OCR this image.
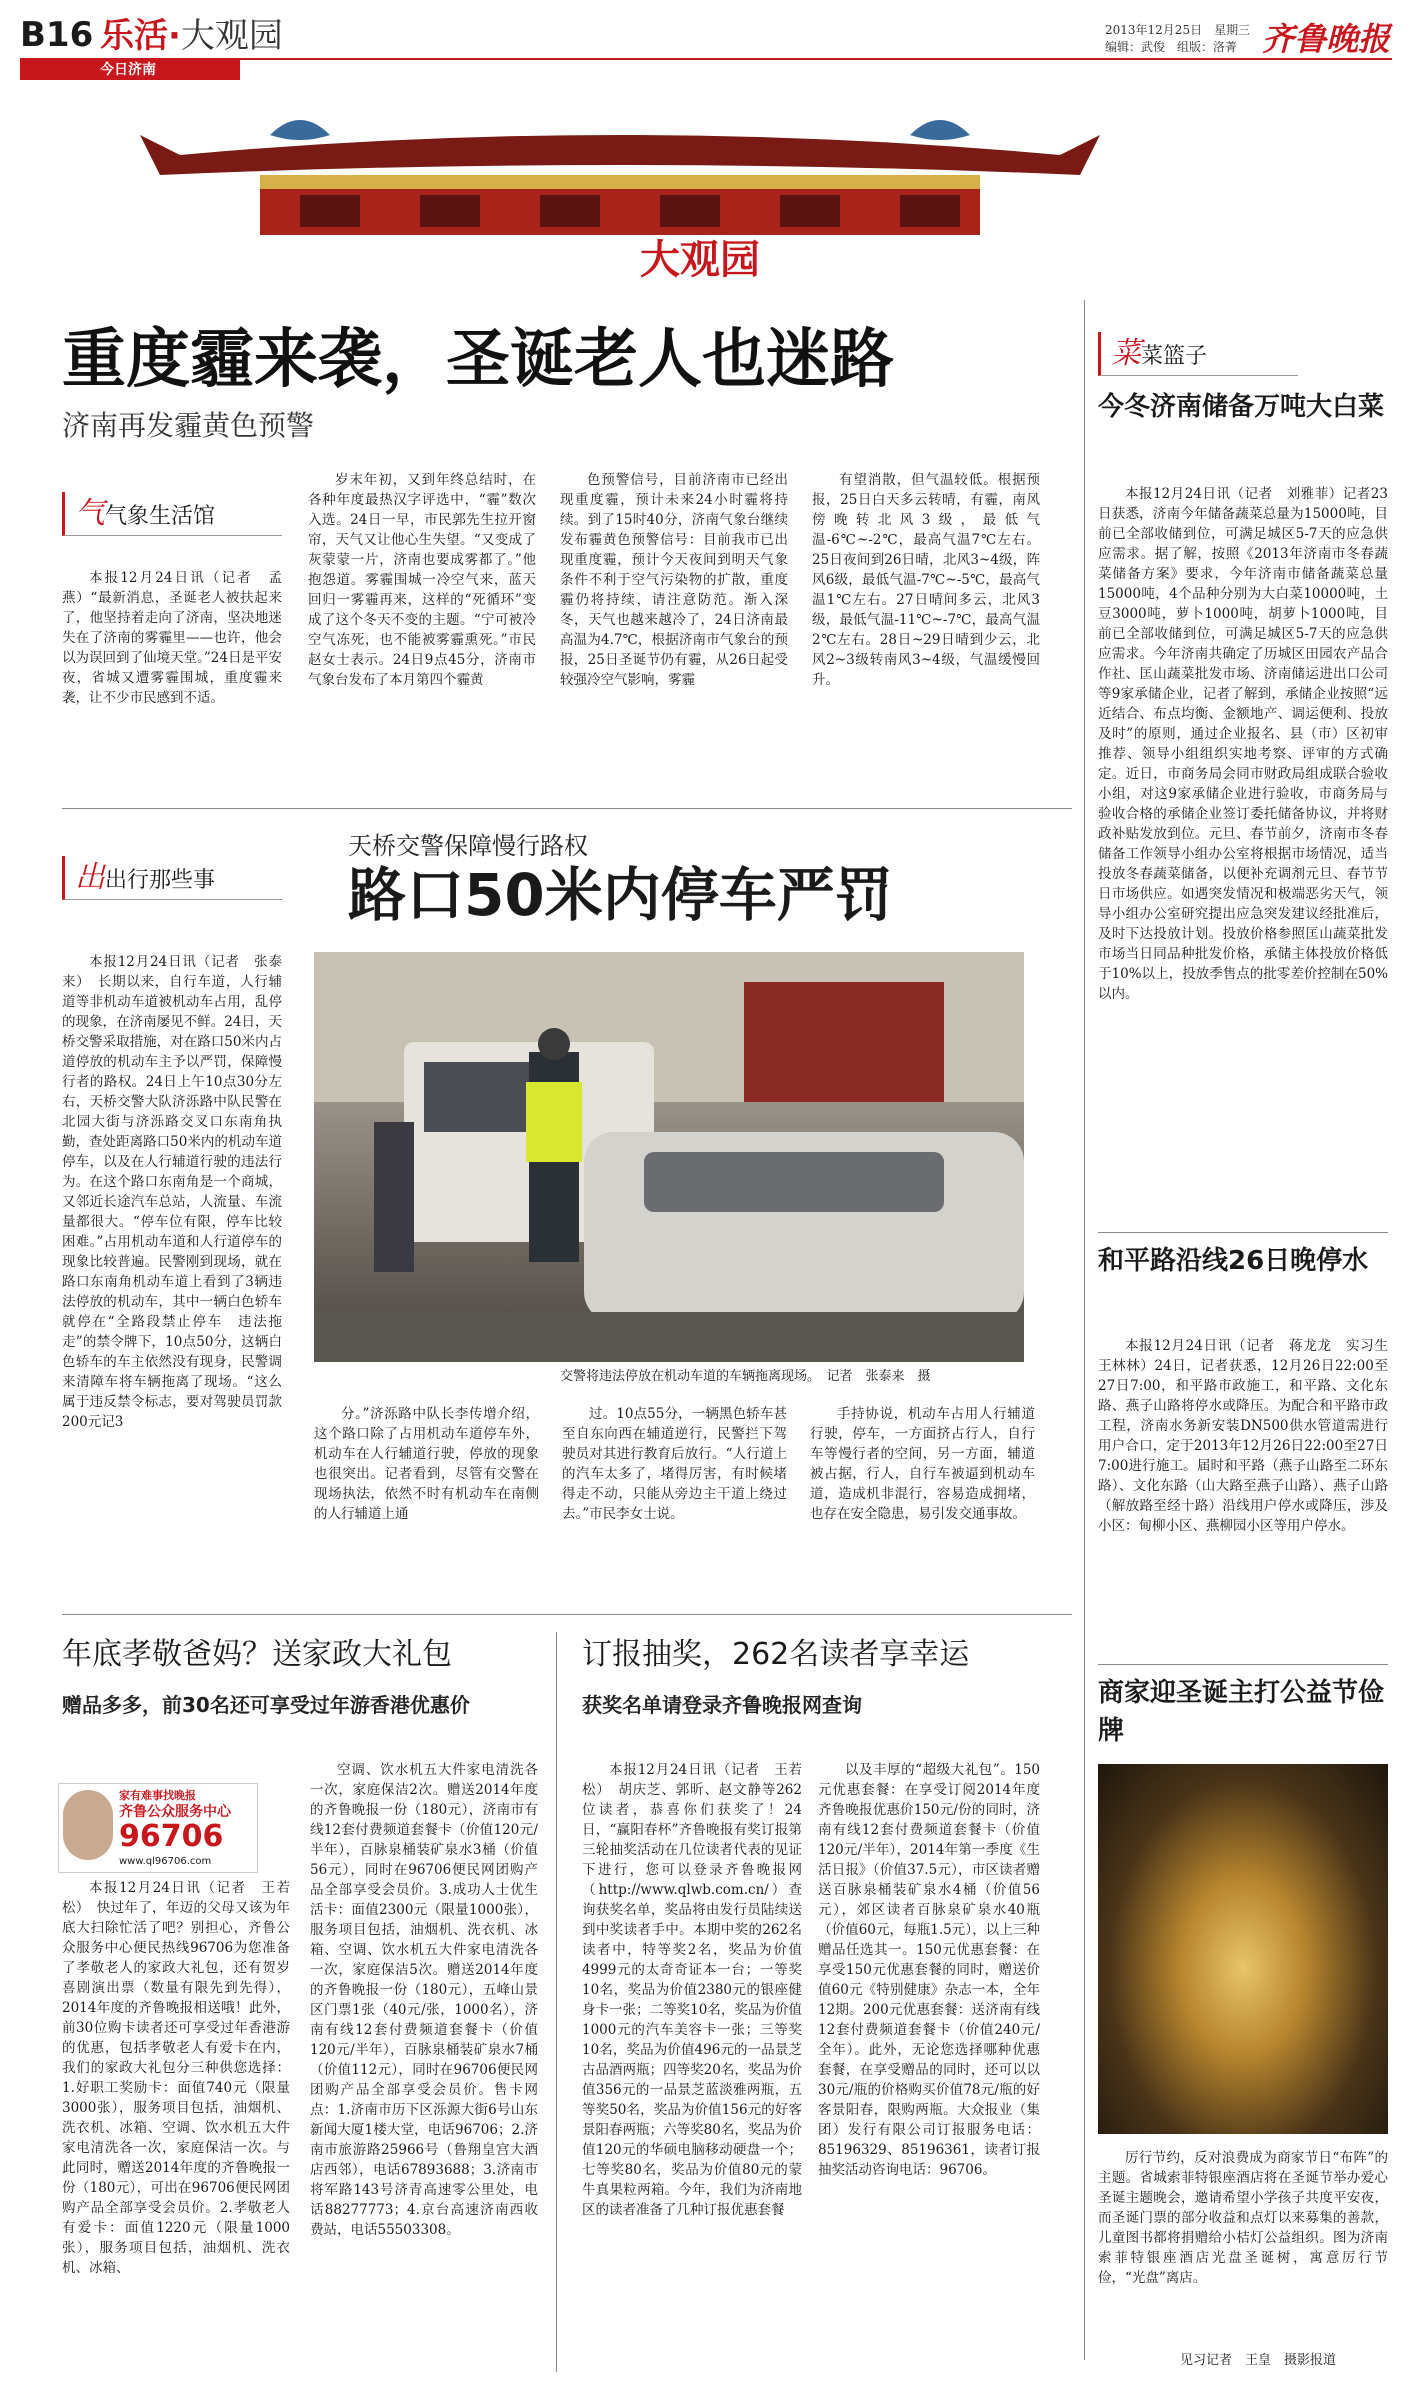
B16 乐活·大观园
今日济南
2013年12月25日　星期三
编辑：武俊　组版：洛菁 齐鲁晚报
大观园
重度霾来袭，圣诞老人也迷路
济南再发霾黄色预警
菜菜篮子
今冬济南储备万吨大白菜

本报12月24日讯（记者　刘雅菲）记者23日获悉，济南今年储备蔬菜总量为15000吨，目前已全部收储到位，可满足城区5-7天的应急供应需求。据了解，按照《2013年济南市冬春蔬菜储备方案》要求，今年济南市储备蔬菜总量15000吨，4个品种分别为大白菜10000吨，土豆3000吨，萝卜1000吨，胡萝卜1000吨，目前已全部收储到位，可满足城区5-7天的应急供应需求。今年济南共确定了历城区田园农产品合作社、匡山蔬菜批发市场、济南储运进出口公司等9家承储企业，记者了解到，承储企业按照“远近结合、布点均衡、金额地产、调运便利、投放及时”的原则，通过企业报名、县（市）区初审推荐、领导小组组织实地考察、评审的方式确定。近日，市商务局会同市财政局组成联合验收小组，对这9家承储企业进行验收，市商务局与验收合格的承储企业签订委托储备协议，并将财政补贴发放到位。元旦、春节前夕，济南市冬春储备工作领导小组办公室将根据市场情况，适当投放冬春蔬菜储备，以便补充调剂元旦、春节节日市场供应。如遇突发情况和极端恶劣天气，领导小组办公室研究提出应急突发建议经批准后，及时下达投放计划。投放价格参照匡山蔬菜批发市场当日同品种批发价格，承储主体投放价格低于10%以上，投放季售点的批零差价控制在50%以内。

和平路沿线26日晚停水

本报12月24日讯（记者　蒋龙龙　实习生　王林林）24日，记者获悉，12月26日22:00至27日7:00，和平路市政施工，和平路、文化东路、燕子山路将停水或降压。为配合和平路市政工程，济南水务新安装DN500供水管道需进行用户合口，定于2013年12月26日22:00至27日7:00进行施工。届时和平路（燕子山路至二环东路）、文化东路（山大路至燕子山路）、燕子山路（解放路至经十路）沿线用户停水或降压，涉及小区：甸柳小区、燕柳园小区等用户停水。

商家迎圣诞主打公益节俭牌

厉行节约，反对浪费成为商家节日“布阵”的主题。省城索菲特银座酒店将在圣诞节举办爱心圣诞主题晚会，邀请希望小学孩子共度平安夜，而圣诞门票的部分收益和点灯以来募集的善款，儿童图书都将捐赠给小桔灯公益组织。图为济南索菲特银座酒店光盘圣诞树，寓意厉行节俭，“光盘”离店。

见习记者　王皇　摄影报道
气气象生活馆

本报12月24日讯（记者　孟燕）“最新消息，圣诞老人被扶起来了，他坚持着走向了济南，坚决地迷失在了济南的雾霾里——也许，他会以为误回到了仙境天堂。”24日是平安夜，省城又遭雾霾围城，重度霾来袭，让不少市民感到不适。

岁末年初，又到年终总结时，在各种年度最热汉字评选中，“霾”数次入选。24日一早，市民郭先生拉开窗帘，天气又让他心生失望。“又变成了灰蒙蒙一片，济南也要成雾都了。”他抱怨道。雾霾围城一冷空气来，蓝天回归一雾霾再来，这样的“死循环”变成了这个冬天不变的主题。“宁可被冷空气冻死，也不能被雾霾熏死。”市民赵女士表示。24日9点45分，济南市气象台发布了本月第四个霾黄

色预警信号，目前济南市已经出现重度霾，预计未来24小时霾将持续。到了15时40分，济南气象台继续发布霾黄色预警信号：目前我市已出现重度霾，预计今天夜间到明天气象条件不利于空气污染物的扩散，重度霾仍将持续，请注意防范。渐入深冬，天气也越来越冷了，24日济南最高温为4.7℃，根据济南市气象台的预报，25日圣诞节仍有霾，从26日起受较强冷空气影响，雾霾

有望消散，但气温较低。根据预报，25日白天多云转晴，有霾，南风傍晚转北风3级，最低气温-6℃~-2℃，最高气温7℃左右。25日夜间到26日晴，北风3~4级，阵风6级，最低气温-7℃~-5℃，最高气温1℃左右。27日晴间多云，北风3级，最低气温-11℃~-7℃，最高气温2℃左右。28日~29日晴到少云，北风2~3级转南风3~4级，气温缓慢回升。

天桥交警保障慢行路权
路口50米内停车严罚
出出行那些事

本报12月24日讯（记者　张泰来）　长期以来，自行车道，人行辅道等非机动车道被机动车占用，乱停的现象，在济南屡见不鲜。24日，天桥交警采取措施，对在路口50米内占道停放的机动车主予以严罚，保障慢行者的路权。24日上午10点30分左右，天桥交警大队济泺路中队民警在北园大街与济泺路交叉口东南角执勤，查处距离路口50米内的机动车道停车，以及在人行辅道行驶的违法行为。在这个路口东南角是一个商城，又邻近长途汽车总站，人流量、车流量都很大。“停车位有限，停车比较困难。”占用机动车道和人行道停车的现象比较普遍。民警刚到现场，就在路口东南角机动车道上看到了3辆违法停放的机动车，其中一辆白色轿车就停在“全路段禁止停车　违法拖走”的禁令牌下，10点50分，这辆白色轿车的车主依然没有现身，民警调来清障车将车辆拖离了现场。“这么属于违反禁令标志，要对驾驶员罚款200元记3

交警将违法停放在机动车道的车辆拖离现场。　记者　张泰来　摄

分。”济泺路中队长李传增介绍，这个路口除了占用机动车道停车外，机动车在人行辅道行驶，停放的现象也很突出。记者看到，尽管有交警在现场执法，依然不时有机动车在南侧的人行辅道上通

过。10点55分，一辆黑色轿车甚至自东向西在辅道逆行，民警拦下驾驶员对其进行教育后放行。“人行道上的汽车太多了，堵得厉害，有时候堵得走不动，只能从旁边主干道上绕过去。”市民李女士说。

手持协说，机动车占用人行辅道行驶，停车，一方面挤占行人，自行车等慢行者的空间，另一方面，辅道被占据，行人，自行车被逼到机动车道，造成机非混行，容易造成拥堵，也存在安全隐患，易引发交通事故。

年底孝敬爸妈？送家政大礼包
赠品多多，前30名还可享受过年游香港优惠价
家有难事找晚报
齐鲁公众服务中心
96706
www.ql96706.com

本报12月24日讯（记者　王若松）　快过年了，年迈的父母又该为年底大扫除忙活了吧？别担心，齐鲁公众服务中心便民热线96706为您准备了孝敬老人的家政大礼包，还有贺岁喜剧演出票（数量有限先到先得），2014年度的齐鲁晚报相送哦！此外，前30位购卡读者还可享受过年香港游的优惠，包括孝敬老人有爱卡在内，我们的家政大礼包分三种供您选择：1.好职工奖励卡：面值740元（限量3000张），服务项目包括，油烟机、洗衣机、冰箱、空调、饮水机五大件家电清洗各一次，家庭保洁一次。与此同时，赠送2014年度的齐鲁晚报一份（180元），可出在96706便民网团购产品全部享受会员价。2.孝敬老人有爱卡：面值1220元（限量1000张），服务项目包括，油烟机、洗衣机、冰箱、

空调、饮水机五大件家电清洗各一次，家庭保洁2次。赠送2014年度的齐鲁晚报一份（180元），济南市有线12套付费频道套餐卡（价值120元/半年），百脉泉桶装矿泉水3桶（价值56元），同时在96706便民网团购产品全部享受会员价。3.成功人士优生活卡：面值2300元（限量1000张），服务项目包括，油烟机、洗衣机、冰箱、空调、饮水机五大件家电清洗各一次，家庭保洁5次。赠送2014年度的齐鲁晚报一份（180元），五峰山景区门票1张（40元/张，1000名），济南有线12套付费频道套餐卡（价值120元/半年），百脉泉桶装矿泉水7桶（价值112元），同时在96706便民网团购产品全部享受会员价。售卡网点：1.济南市历下区泺源大街6号山东新闻大厦1楼大堂，电话96706；2.济南市旅游路25966号（鲁翔皇宫大酒店西邻），电话67893688；3.济南市将军路143号济青高速零公里处，电话88277773；4.京台高速济南西收费站，电话55503308。

订报抽奖，262名读者享幸运
获奖名单请登录齐鲁晚报网查询

本报12月24日讯（记者　王若松）　胡庆芝、郭昕、赵文静等262位读者，恭喜你们获奖了！24日，“赢阳春杯”齐鲁晚报有奖订报第三轮抽奖活动在几位读者代表的见证下进行，您可以登录齐鲁晚报网（http://www.qlwb.com.cn/）查询获奖名单，奖品将由发行员陆续送到中奖读者手中。本期中奖的262名读者中，特等奖2名，奖品为价值4999元的太奇奇证本一台；一等奖10名，奖品为价值2380元的银座健身卡一张；二等奖10名，奖品为价值1000元的汽车美容卡一张；三等奖10名，奖品为价值496元的一品景芝古品酒两瓶；四等奖20名，奖品为价值356元的一品景芝蓝淡雅两瓶，五等奖50名，奖品为价值156元的好客景阳春两瓶；六等奖80名，奖品为价值120元的华硕电脑移动硬盘一个；七等奖80名，奖品为价值80元的蒙牛真果粒两箱。今年，我们为济南地区的读者准备了几种订报优惠套餐

以及丰厚的“超级大礼包”。150元优惠套餐：在享受订阅2014年度齐鲁晚报优惠价150元/份的同时，济南有线12套付费频道套餐卡（价值120元/半年），2014年第一季度《生活日报》（价值37.5元），市区读者赠送百脉泉桶装矿泉水4桶（价值56元），郊区读者百脉泉矿泉水40瓶（价值60元，每瓶1.5元），以上三种赠品任选其一。150元优惠套餐：在享受150元优惠套餐的同时，赠送价值60元《特别健康》杂志一本，全年12期。200元优惠套餐：送济南有线12套付费频道套餐卡（价值240元/全年）。此外，无论您选择哪种优惠套餐，在享受赠品的同时，还可以以30元/瓶的价格购买价值78元/瓶的好客景阳春，限购两瓶。大众报业（集团）发行有限公司订报服务电话：85196329、85196361，读者订报抽奖活动咨询电话：96706。
